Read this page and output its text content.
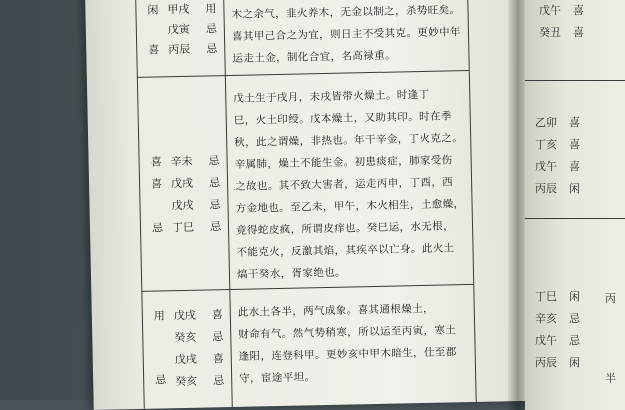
闲
喜
甲戌 用
戊寅 忌
丙辰 忌
木之余气，韭火养木，无金以制之，杀势旺矣。
喜其甲己合之为宜，则日主不受其克。更妙中年
运走土金，制化合宜，名高禄重。
喜
喜
忌
辛未 忌
戊戌 忌
戊戌 忌
丁巳 忌
戊土生于戌月，未戌皆带火燥土。时逢丁
巳，火土印绶。戊本燥土，又助其印。时在季
秋，此之谓燥，非热也。年干辛金，丁火克之。
辛属肺，燥土不能生金。初患痰症，肺家受伤
之故也。其不致大害者，运走丙申，丁酉，西
方金地也。至乙未，甲午，木火相生，土愈燥，
竟得蛇皮疯，所谓皮痒也。癸巳运，水无根，
不能克火，反激其焰，其疾卒以亡身。此火土
熇干癸水，胥家绝也。
用
忌
戊戌 喜
癸亥 忌
戊戌 喜
癸亥 忌
此水土各半，两气成象。喜其通根燥土，
财命有气。然气势稍寒，所以运至丙寅，寒土
逢阳，连登科甲。更妙亥中甲木暗生，仕至郡
守，宦途平坦。
戊午 喜
癸丑 喜
乙卯 喜
丁亥 喜
戊午 喜
丙辰 闲
丁巳 闲
辛亥 忌
戊午 忌
丙辰 闲
丙
半
